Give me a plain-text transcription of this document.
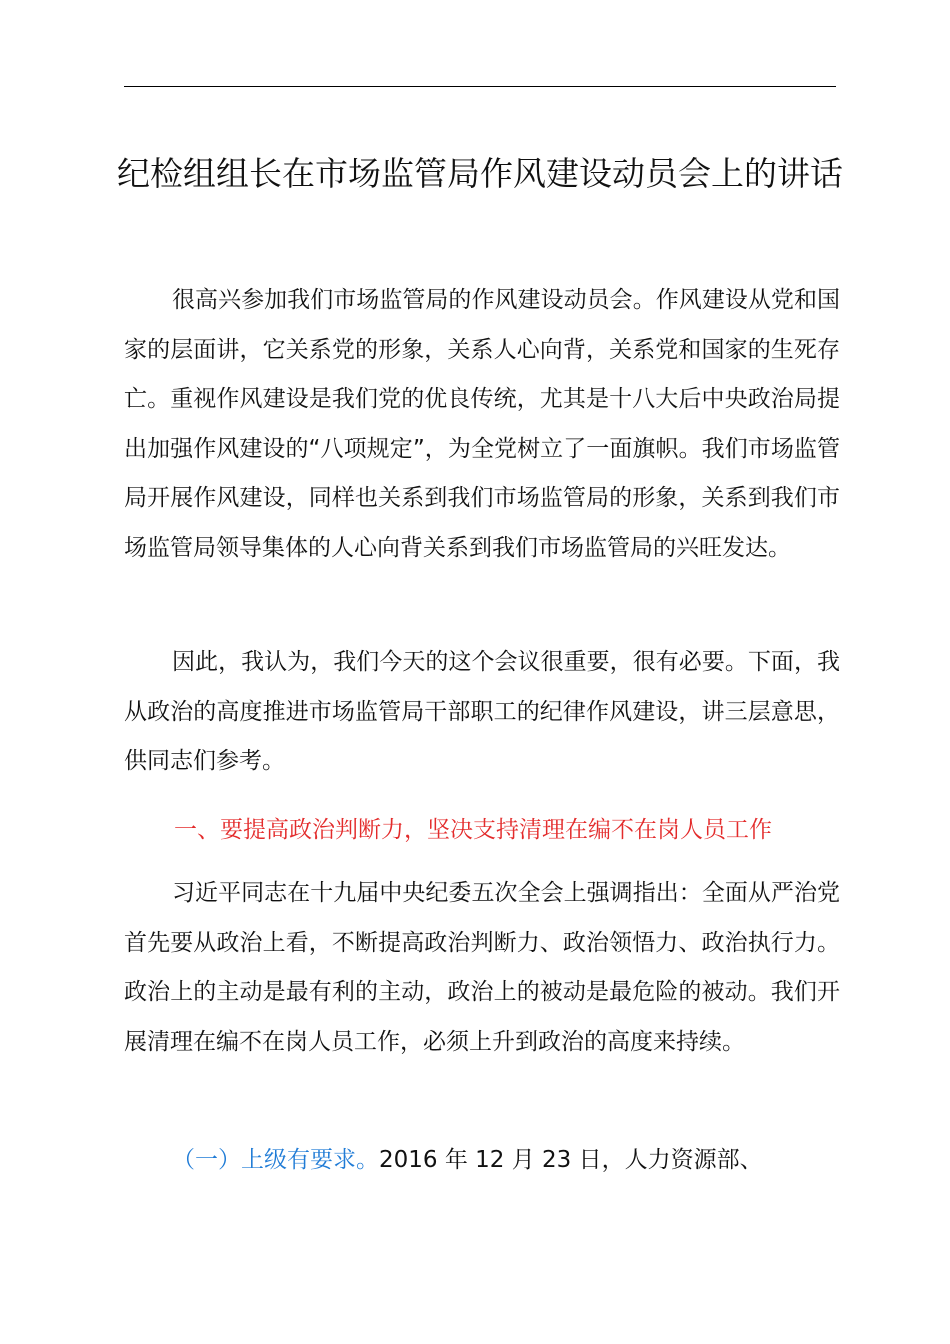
纪检组组长在市场监管局作风建设动员会上的讲话

很高兴参加我们市场监管局的作风建设动员会。作风建设从党和国家的层面讲，它关系党的形象，关系人心向背，关系党和国家的生死存亡。重视作风建设是我们党的优良传统，尤其是十八大后中央政治局提出加强作风建设的“八项规定”，为全党树立了一面旗帜。我们市场监管局开展作风建设，同样也关系到我们市场监管局的形象，关系到我们市场监管局领导集体的人心向背关系到我们市场监管局的兴旺发达。

因此，我认为，我们今天的这个会议很重要，很有必要。下面，我从政治的高度推进市场监管局干部职工的纪律作风建设，讲三层意思，供同志们参考。

一、要提高政治判断力，坚决支持清理在编不在岗人员工作

习近平同志在十九届中央纪委五次全会上强调指出：全面从严治党首先要从政治上看，不断提高政治判断力、政治领悟力、政治执行力。政治上的主动是最有利的主动，政治上的被动是最危险的被动。我们开展清理在编不在岗人员工作，必须上升到政治的高度来持续。

（一）上级有要求。2016 年 12 月 23 日，人力资源部、
